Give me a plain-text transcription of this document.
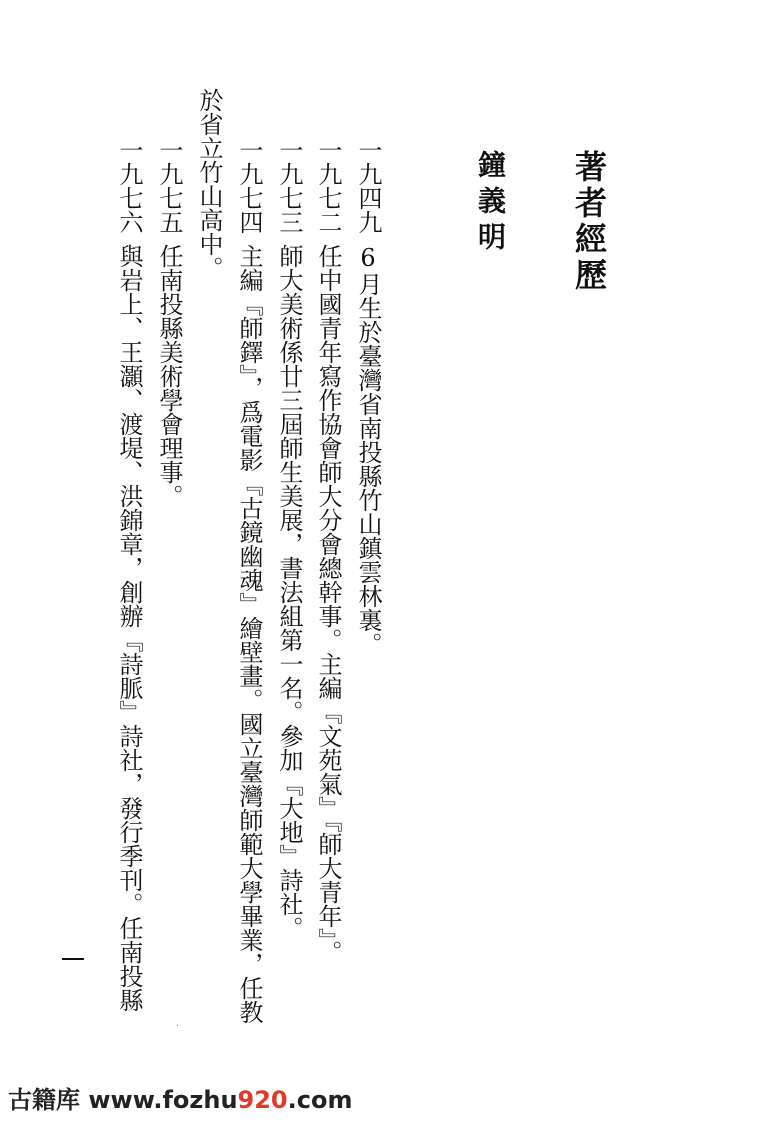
著者經歷
鐘義明
一九四九6月生於臺灣省南投縣竹山鎮雲林裏。
一九七二任中國青年寫作協會師大分會總幹事。主編『文苑氣』『師大青年』。
一九七三師大美術係廿三屆師生美展，書法組第一名。參加『大地』詩社。
一九七四主編『師鐸』，爲電影『古鏡幽魂』繪壁畫。國立臺灣師範大學畢業，任教
於省立竹山高中。
一九七五任南投縣美術學會理事。
一九七六與岩上、王灝、渡堤、洪錦章，創辦『詩脈』詩社，發行季刊。任南投縣
古籍库 www.fozhu920.com
